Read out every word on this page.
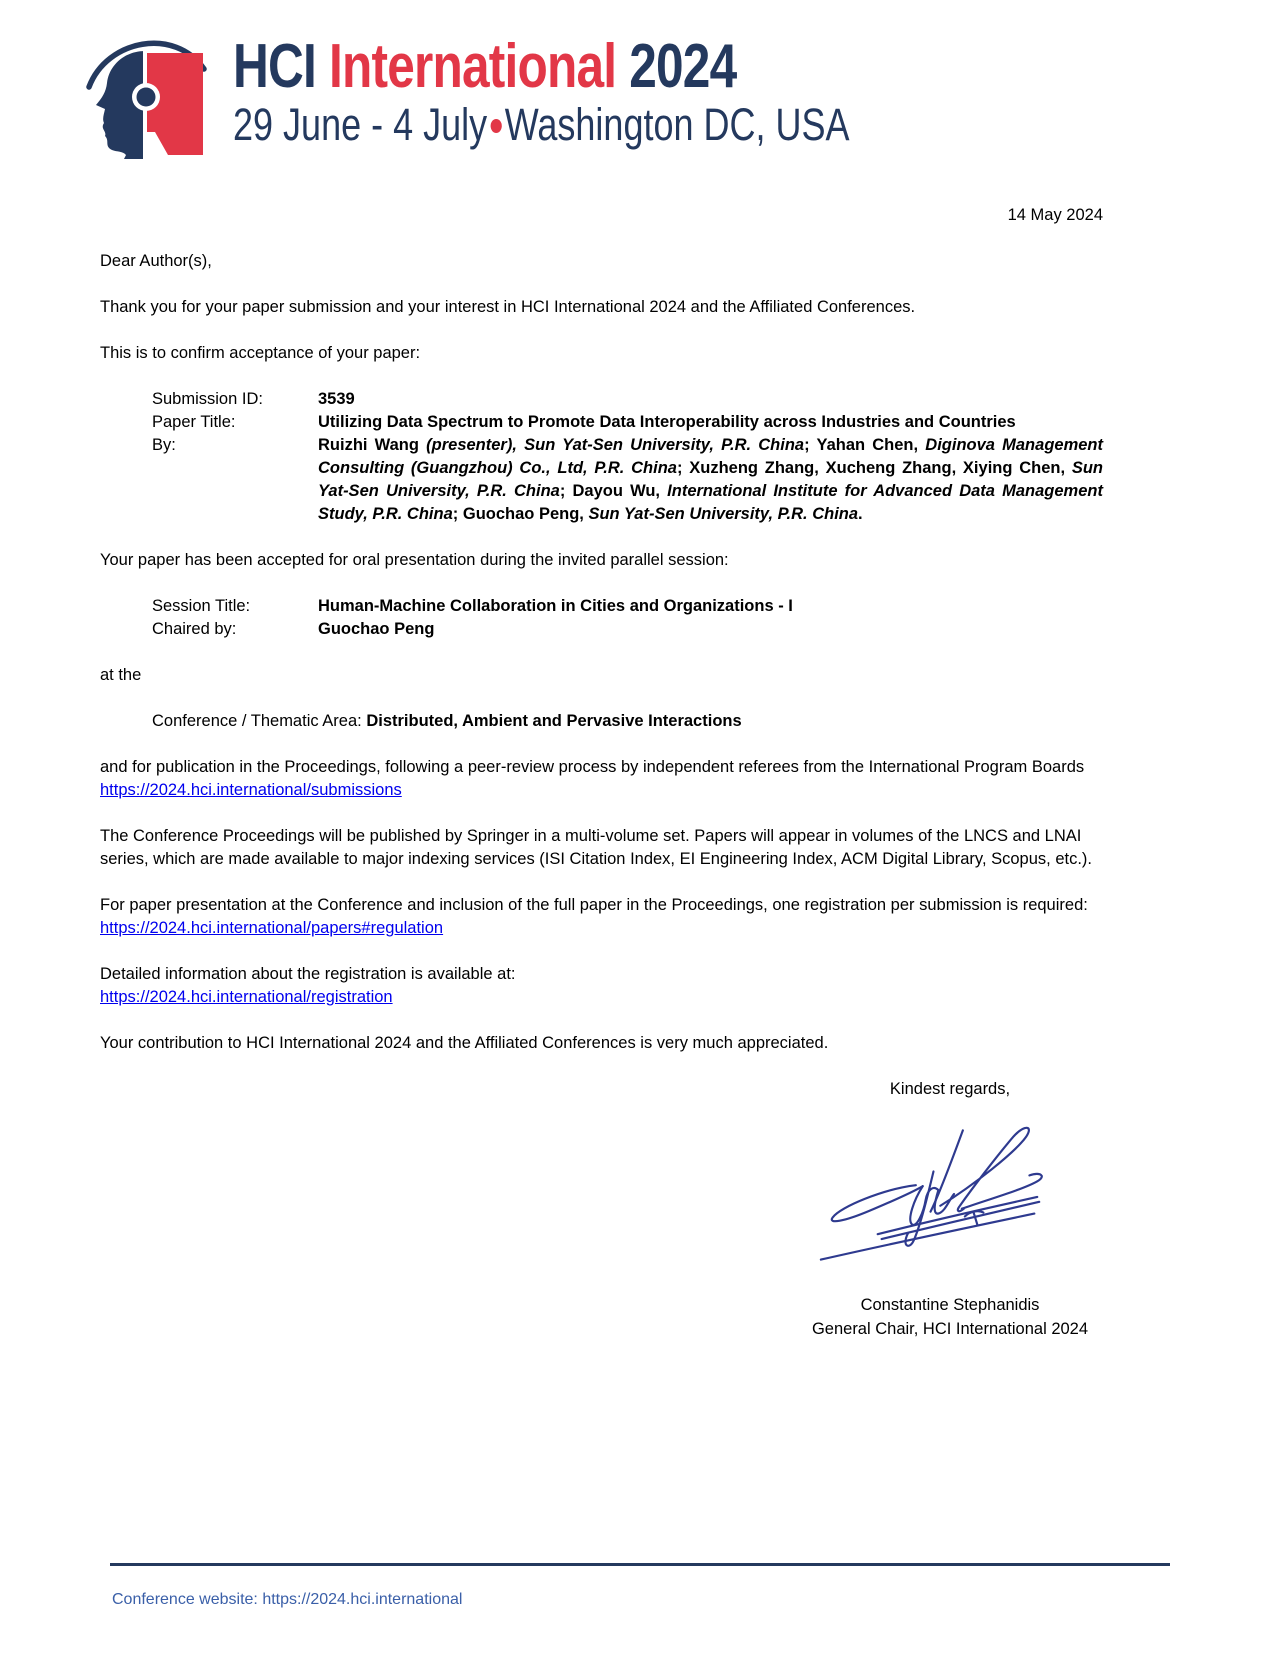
HCI International 2024
29 June - 4 July Washington DC, USA
14 May 2024

Dear Author(s),

Thank you for your paper submission and your interest in HCI International 2024 and the Affiliated Conferences.

This is to confirm acceptance of your paper:

Submission ID:	3539
Paper Title:	Utilizing Data Spectrum to Promote Data Interoperability across Industries and Countries
By:	Ruizhi Wang (presenter), Sun Yat-Sen University, P.R. China; Yahan Chen, Diginova Management Consulting (Guangzhou) Co., Ltd, P.R. China; Xuzheng Zhang, Xucheng Zhang, Xiying Chen, Sun Yat-Sen University, P.R. China; Dayou Wu, International Institute for Advanced Data Management Study, P.R. China; Guochao Peng, Sun Yat-Sen University, P.R. China.

Your paper has been accepted for oral presentation during the invited parallel session:

Session Title:	Human-Machine Collaboration in Cities and Organizations - I
Chaired by:	Guochao Peng

at the

Conference / Thematic Area: Distributed, Ambient and Pervasive Interactions

and for publication in the Proceedings, following a peer-review process by independent referees from the International Program Boards
https://2024.hci.international/submissions

The Conference Proceedings will be published by Springer in a multi-volume set. Papers will appear in volumes of the LNCS and LNAI series, which are made available to major indexing services (ISI Citation Index, EI Engineering Index, ACM Digital Library, Scopus, etc.).

For paper presentation at the Conference and inclusion of the full paper in the Proceedings, one registration per submission is required:
https://2024.hci.international/papers#regulation

Detailed information about the registration is available at:
https://2024.hci.international/registration

Your contribution to HCI International 2024 and the Affiliated Conferences is very much appreciated.

Kindest regards,
Constantine Stephanidis
General Chair, HCI International 2024
Conference website: https://2024.hci.international
